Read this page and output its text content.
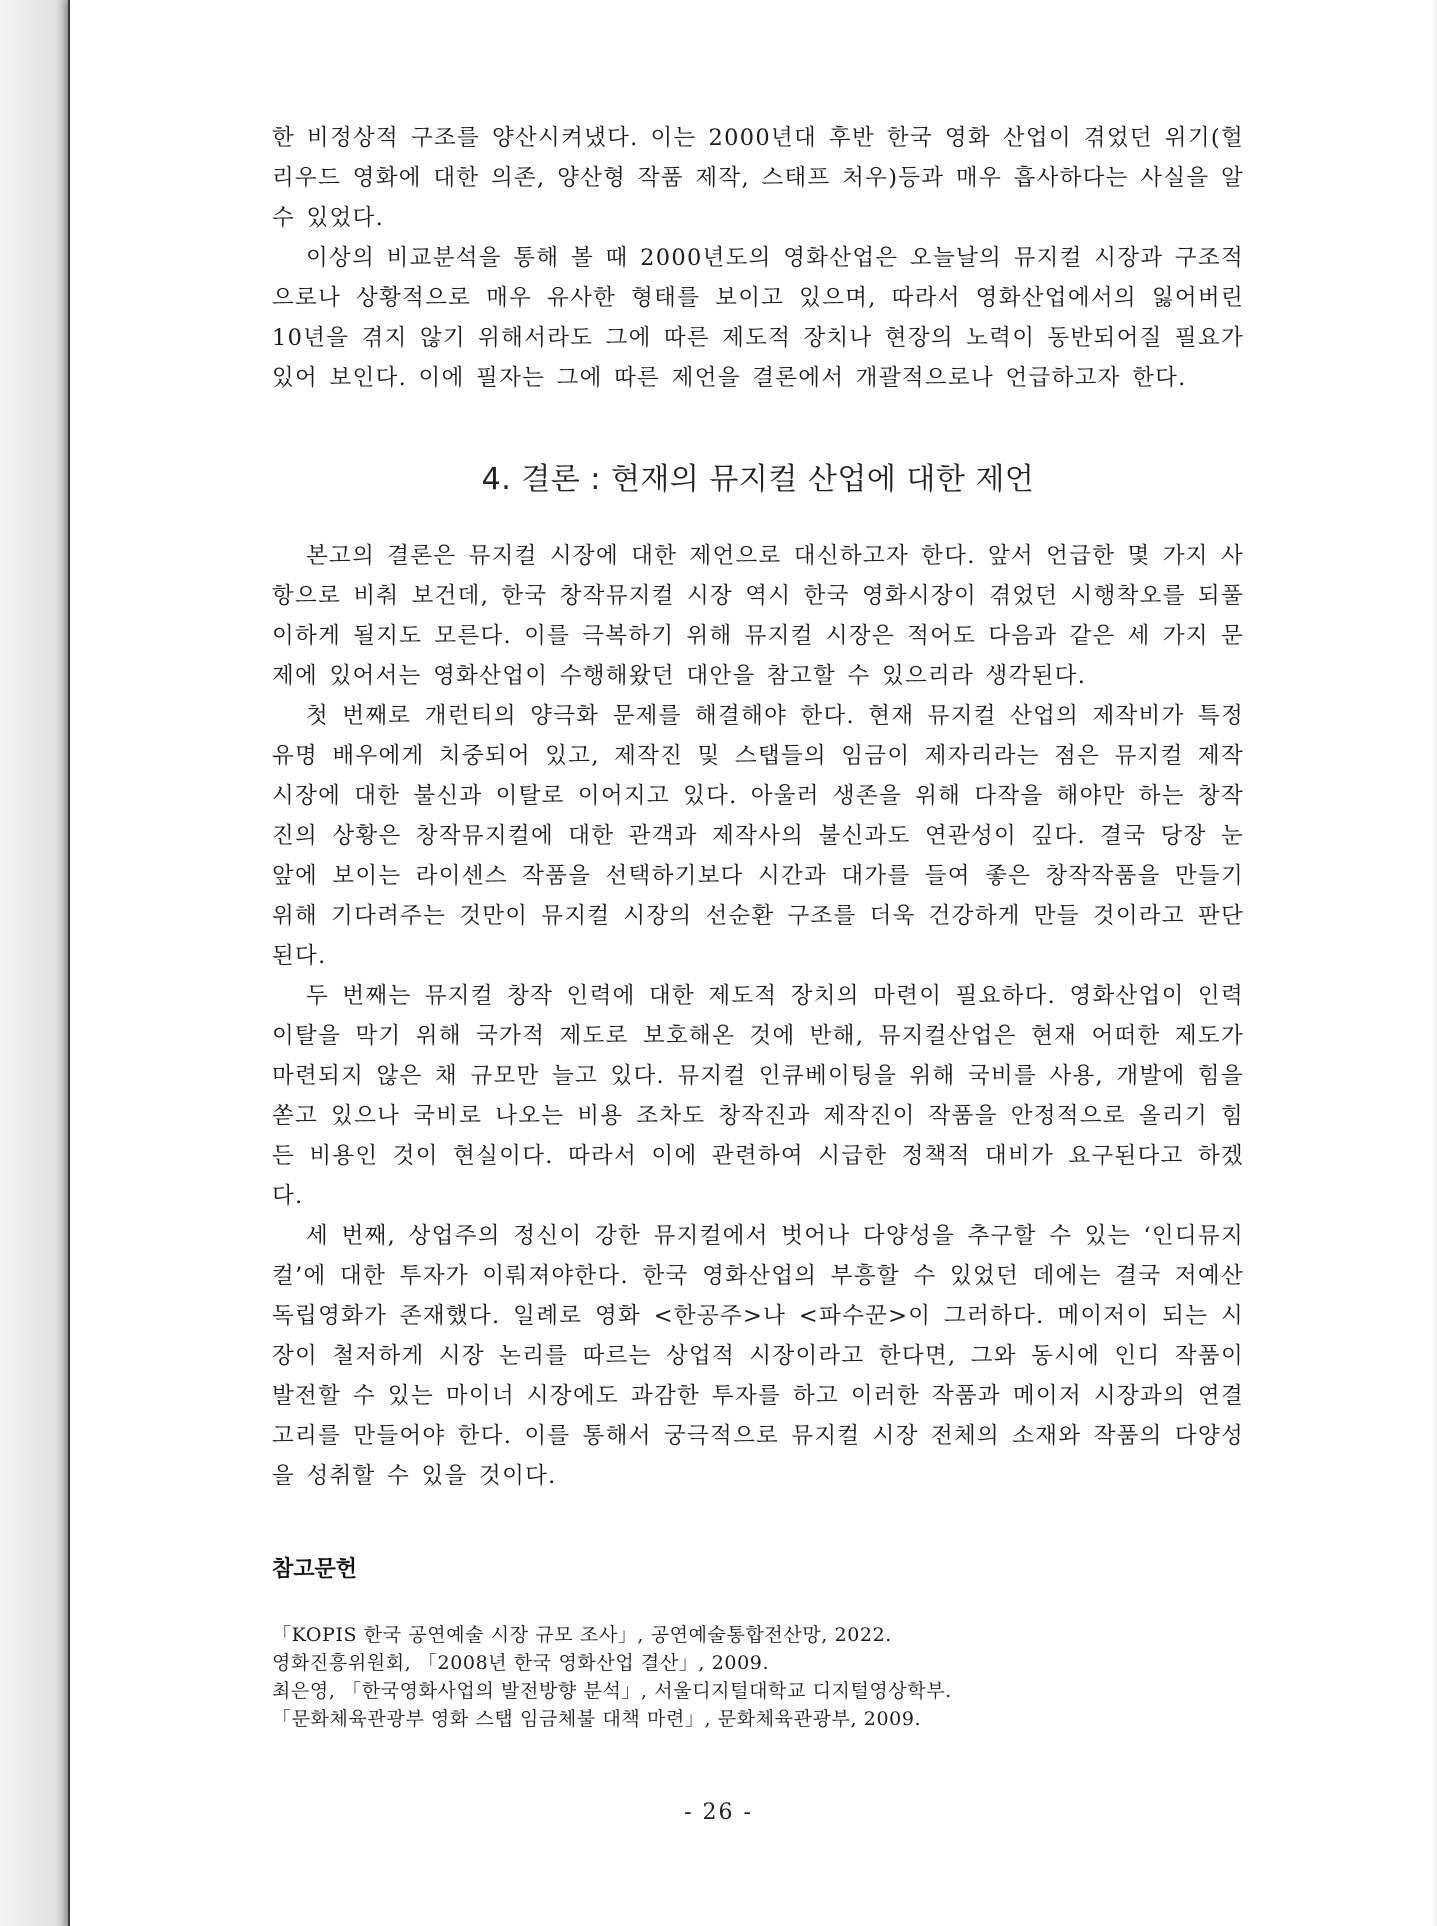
한 비정상적 구조를 양산시켜냈다. 이는 2000년대 후반 한국 영화 산업이 겪었던 위기(헐리우드 영화에 대한 의존, 양산형 작품 제작, 스태프 처우)등과 매우 흡사하다는 사실을 알 수 있었다.

이상의 비교분석을 통해 볼 때 2000년도의 영화산업은 오늘날의 뮤지컬 시장과 구조적으로나 상황적으로 매우 유사한 형태를 보이고 있으며, 따라서 영화산업에서의 잃어버린 10년을 겪지 않기 위해서라도 그에 따른 제도적 장치나 현장의 노력이 동반되어질 필요가 있어 보인다. 이에 필자는 그에 따른 제언을 결론에서 개괄적으로나 언급하고자 한다.

4. 결론 : 현재의 뮤지컬 산업에 대한 제언

본고의 결론은 뮤지컬 시장에 대한 제언으로 대신하고자 한다. 앞서 언급한 몇 가지 사항으로 비춰 보건데, 한국 창작뮤지컬 시장 역시 한국 영화시장이 겪었던 시행착오를 되풀이하게 될지도 모른다. 이를 극복하기 위해 뮤지컬 시장은 적어도 다음과 같은 세 가지 문제에 있어서는 영화산업이 수행해왔던 대안을 참고할 수 있으리라 생각된다.

첫 번째로 개런티의 양극화 문제를 해결해야 한다. 현재 뮤지컬 산업의 제작비가 특정 유명 배우에게 치중되어 있고, 제작진 및 스탭들의 임금이 제자리라는 점은 뮤지컬 제작 시장에 대한 불신과 이탈로 이어지고 있다. 아울러 생존을 위해 다작을 해야만 하는 창작진의 상황은 창작뮤지컬에 대한 관객과 제작사의 불신과도 연관성이 깊다. 결국 당장 눈 앞에 보이는 라이센스 작품을 선택하기보다 시간과 대가를 들여 좋은 창작작품을 만들기 위해 기다려주는 것만이 뮤지컬 시장의 선순환 구조를 더욱 건강하게 만들 것이라고 판단된다.

두 번째는 뮤지컬 창작 인력에 대한 제도적 장치의 마련이 필요하다. 영화산업이 인력 이탈을 막기 위해 국가적 제도로 보호해온 것에 반해, 뮤지컬산업은 현재 어떠한 제도가 마련되지 않은 채 규모만 늘고 있다. 뮤지컬 인큐베이팅을 위해 국비를 사용, 개발에 힘을 쏟고 있으나 국비로 나오는 비용 조차도 창작진과 제작진이 작품을 안정적으로 올리기 힘든 비용인 것이 현실이다. 따라서 이에 관련하여 시급한 정책적 대비가 요구된다고 하겠다.

세 번째, 상업주의 정신이 강한 뮤지컬에서 벗어나 다양성을 추구할 수 있는 ‘인디뮤지컬’에 대한 투자가 이뤄져야한다. 한국 영화산업의 부흥할 수 있었던 데에는 결국 저예산 독립영화가 존재했다. 일례로 영화 <한공주>나 <파수꾼>이 그러하다. 메이저이 되는 시장이 철저하게 시장 논리를 따르는 상업적 시장이라고 한다면, 그와 동시에 인디 작품이 발전할 수 있는 마이너 시장에도 과감한 투자를 하고 이러한 작품과 메이저 시장과의 연결고리를 만들어야 한다. 이를 통해서 궁극적으로 뮤지컬 시장 전체의 소재와 작품의 다양성을 성취할 수 있을 것이다.

참고문헌
「KOPIS 한국 공연예술 시장 규모 조사」, 공연예술통합전산망, 2022.
영화진흥위원회, 「2008년 한국 영화산업 결산」, 2009.
최은영, 「한국영화사업의 발전방향 분석」, 서울디지털대학교 디지털영상학부.
「문화체육관광부 영화 스탭 임금체불 대책 마련」, 문화체육관광부, 2009.
- 26 -
